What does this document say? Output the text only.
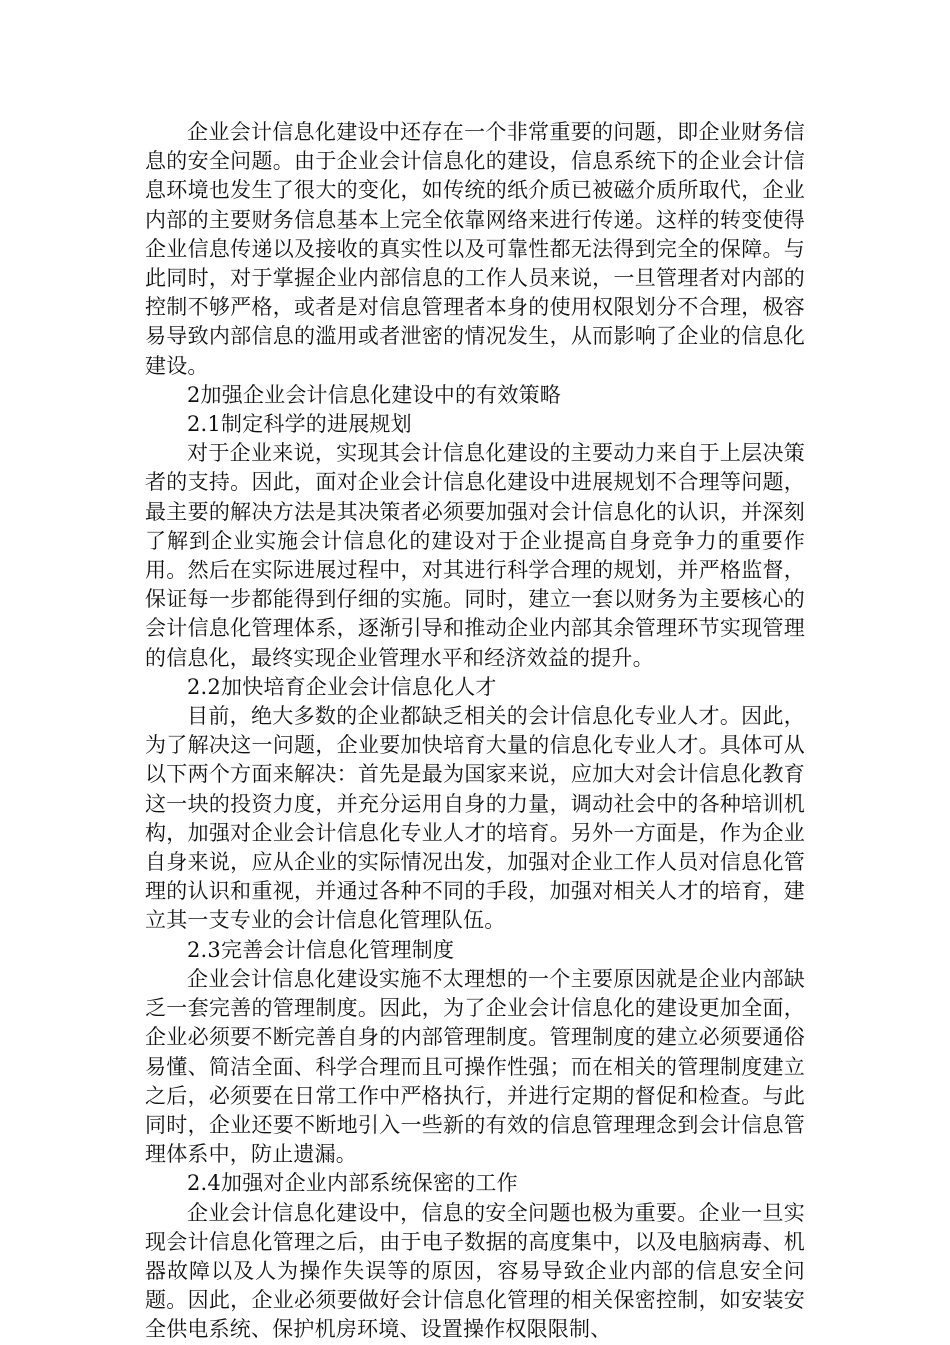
企业会计信息化建设中还存在一个非常重要的问题，即企业财务信息的安全问题。由于企业会计信息化的建设，信息系统下的企业会计信息环境也发生了很大的变化，如传统的纸介质已被磁介质所取代，企业内部的主要财务信息基本上完全依靠网络来进行传递。这样的转变使得企业信息传递以及接收的真实性以及可靠性都无法得到完全的保障。与此同时，对于掌握企业内部信息的工作人员来说，一旦管理者对内部的控制不够严格，或者是对信息管理者本身的使用权限划分不合理，极容易导致内部信息的滥用或者泄密的情况发生，从而影响了企业的信息化建设。

2加强企业会计信息化建设中的有效策略

2.1制定科学的进展规划

对于企业来说，实现其会计信息化建设的主要动力来自于上层决策者的支持。因此，面对企业会计信息化建设中进展规划不合理等问题，最主要的解决方法是其决策者必须要加强对会计信息化的认识，并深刻了解到企业实施会计信息化的建设对于企业提高自身竞争力的重要作用。然后在实际进展过程中，对其进行科学合理的规划，并严格监督，保证每一步都能得到仔细的实施。同时，建立一套以财务为主要核心的会计信息化管理体系，逐渐引导和推动企业内部其余管理环节实现管理的信息化，最终实现企业管理水平和经济效益的提升。

2.2加快培育企业会计信息化人才

目前，绝大多数的企业都缺乏相关的会计信息化专业人才。因此，为了解决这一问题，企业要加快培育大量的信息化专业人才。具体可从以下两个方面来解决：首先是最为国家来说，应加大对会计信息化教育这一块的投资力度，并充分运用自身的力量，调动社会中的各种培训机构，加强对企业会计信息化专业人才的培育。另外一方面是，作为企业自身来说，应从企业的实际情况出发，加强对企业工作人员对信息化管理的认识和重视，并通过各种不同的手段，加强对相关人才的培育，建立其一支专业的会计信息化管理队伍。

2.3完善会计信息化管理制度

企业会计信息化建设实施不太理想的一个主要原因就是企业内部缺乏一套完善的管理制度。因此，为了企业会计信息化的建设更加全面，企业必须要不断完善自身的内部管理制度。管理制度的建立必须要通俗易懂、简洁全面、科学合理而且可操作性强；而在相关的管理制度建立之后，必须要在日常工作中严格执行，并进行定期的督促和检查。与此同时，企业还要不断地引入一些新的有效的信息管理理念到会计信息管理体系中，防止遗漏。

2.4加强对企业内部系统保密的工作

企业会计信息化建设中，信息的安全问题也极为重要。企业一旦实现会计信息化管理之后，由于电子数据的高度集中，以及电脑病毒、机器故障以及人为操作失误等的原因，容易导致企业内部的信息安全问题。因此，企业必须要做好会计信息化管理的相关保密控制，如安装安全供电系统、保护机房环境、设置操作权限限制、
